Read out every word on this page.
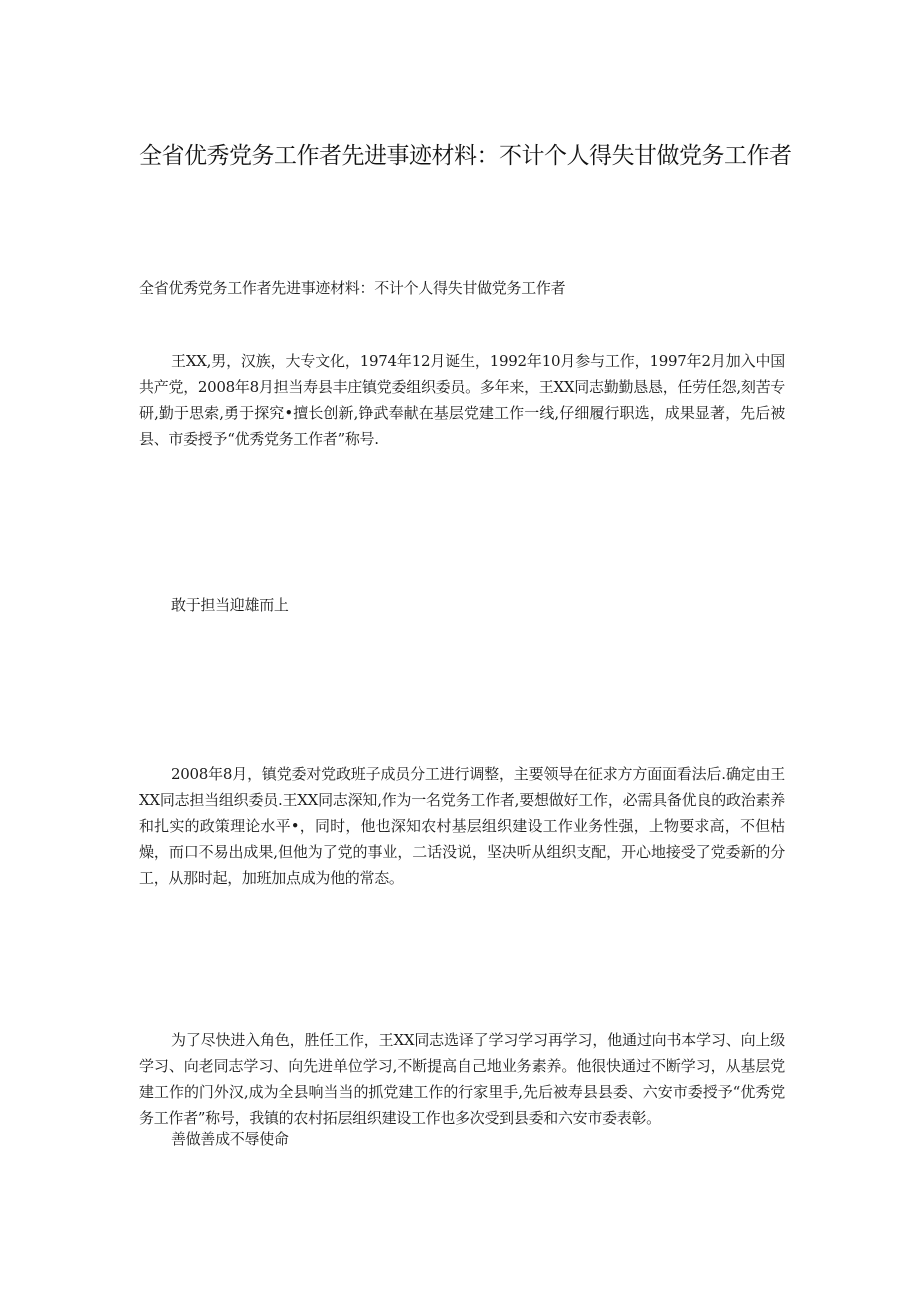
全省优秀党务工作者先进事迹材料：不计个人得失甘做党务工作者

全省优秀党务工作者先进事迹材料：不计个人得失甘做党务工作者

王XX,男，汉族，大专文化，1974年12月诞生，1992年10月参与工作，1997年2月加入中国共产党，2008年8月担当寿县丰庄镇党委组织委员。多年来，王XX同志勤勤恳恳，任劳任怨,刻苦专研,勤于思索,勇于探究•擅长创新,铮武奉献在基层党建工作一线,仔细履行职选，成果显著，先后被县、市委授予“优秀党务工作者”称号.

敢于担当迎雄而上

2008年8月，镇党委对党政班子成员分工进行调整，主要领导在征求方方面面看法后.确定由王XX同志担当组织委员.王XX同志深知,作为一名党务工作者,要想做好工作，必需具备优良的政治素养和扎实的政策理论水平•，同时，他也深知农村基层组织建设工作业务性强，上物要求高，不但枯燥，而口不易出成果,但他为了党的事业，二话没说，坚决听从组织支配，开心地接受了党委新的分工，从那时起，加班加点成为他的常态。

为了尽快进入角色，胜任工作，王XX同志选译了学习学习再学习，他通过向书本学习、向上级学习、向老同志学习、向先进单位学习,不断提高自己地业务素养。他很快通过不断学习，从基层党建工作的门外汉,成为全县响当当的抓党建工作的行家里手,先后被寿县县委、六安市委授予“优秀党务工作者”称号，我镇的农村拓层组织建设工作也多次受到县委和六安市委表彰。

善做善成不辱使命
